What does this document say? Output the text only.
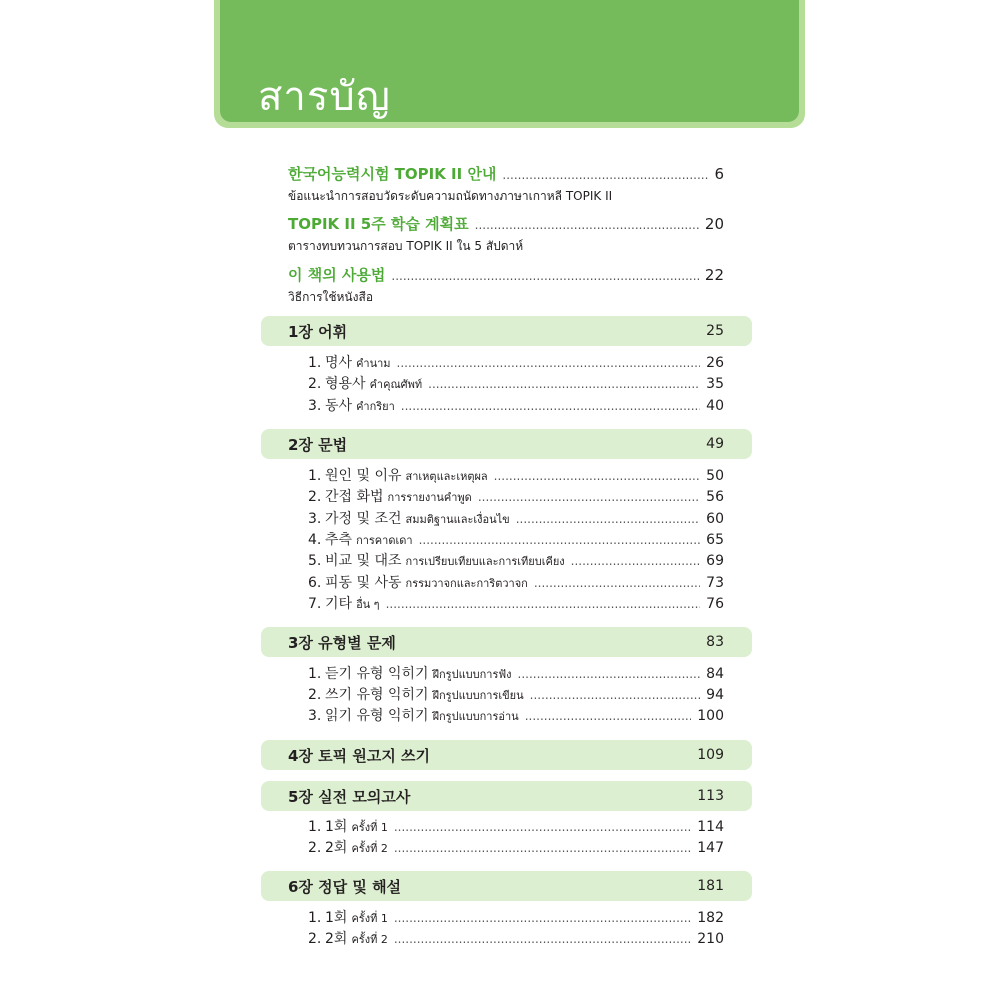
สารบัญ
한국어능력시험 TOPIK II 안내 .....	6
ข้อแนะนำการสอบวัดระดับความถนัดทางภาษาเกาหลี TOPIK II
TOPIK II 5주 학습 계획표 .....	20
ตารางทบทวนการสอบ TOPIK II ใน 5 สัปดาห์
이 책의 사용법 .....	22
วิธีการใช้หนังสือ
1장 어휘	25
1. 명사 คำนาม .....	26
2. 형용사 คำคุณศัพท์ .....	35
3. 동사 คำกริยา .....	40
2장 문법	49
1. 원인 및 이유 สาเหตุและเหตุผล .....	50
2. 간접 화법 การรายงานคำพูด .....	56
3. 가정 및 조건 สมมติฐานและเงื่อนไข .....	60
4. 추측 การคาดเดา .....	65
5. 비교 및 대조 การเปรียบเทียบและการเทียบเคียง .....	69
6. 피동 및 사동 กรรมวาจกและการิตวาจก .....	73
7. 기타 อื่น ๆ .....	76
3장 유형별 문제	83
1. 듣기 유형 익히기 ฝึกรูปแบบการฟัง .....	84
2. 쓰기 유형 익히기 ฝึกรูปแบบการเขียน .....	94
3. 읽기 유형 익히기 ฝึกรูปแบบการอ่าน .....	100
4장 토픽 원고지 쓰기	109
5장 실전 모의고사	113
1. 1회 ครั้งที่ 1 .....	114
2. 2회 ครั้งที่ 2 .....	147
6장 정답 및 해설	181
1. 1회 ครั้งที่ 1 .....	182
2. 2회 ครั้งที่ 2 .....	210
